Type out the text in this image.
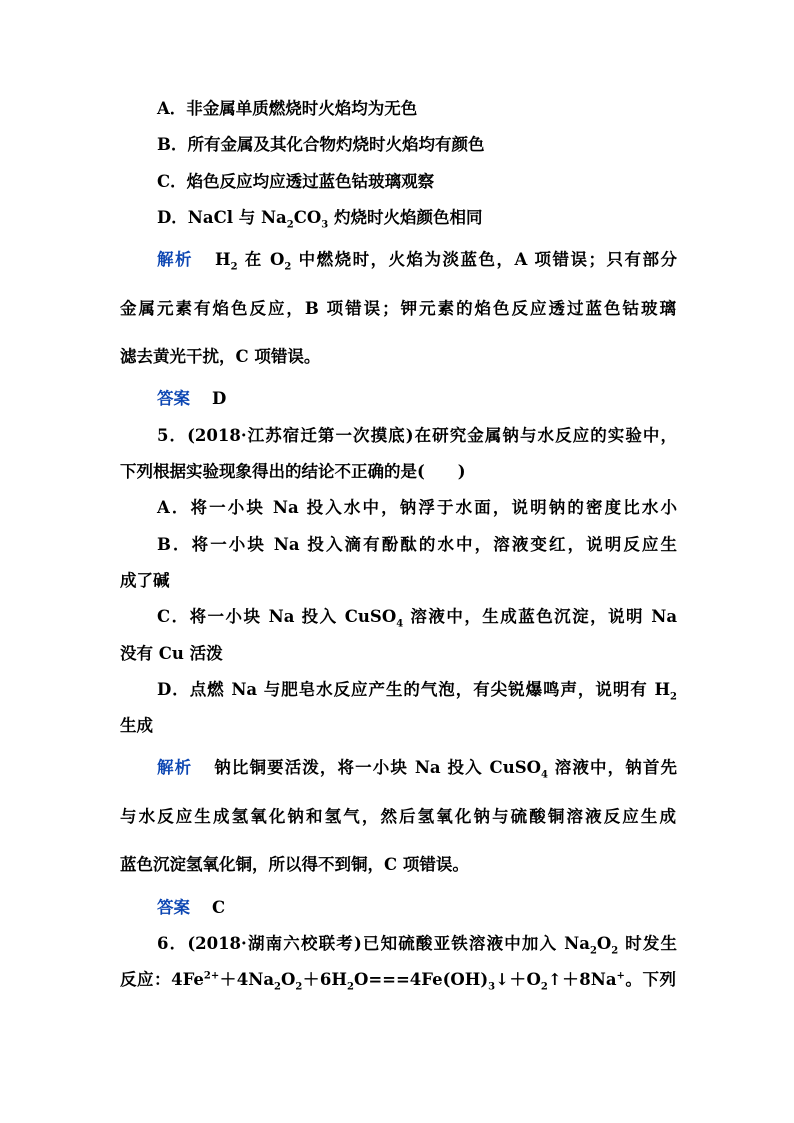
A．非金属单质燃烧时火焰均为无色
B．所有金属及其化合物灼烧时火焰均有颜色
C．焰色反应均应透过蓝色钴玻璃观察
D．NaCl 与 $Na_2CO_3$ 灼烧时火焰颜色相同
解析 $H_2$ 在 $O_2$ 中燃烧时，火焰为淡蓝色，A 项错误；只有部分
金属元素有焰色反应，B 项错误；钾元素的焰色反应透过蓝色钴玻璃
滤去黄光干扰，C 项错误。
答案 D
5．(2018·江苏宿迁第一次摸底)在研究金属钠与水反应的实验中，
下列根据实验现象得出的结论不正确的是(　　)
A．将一小块 Na 投入水中，钠浮于水面，说明钠的密度比水小
B．将一小块 Na 投入滴有酚酞的水中，溶液变红，说明反应生
成了碱
C．将一小块 Na 投入 CuSO$_4$ 溶液中，生成蓝色沉淀，说明 Na
没有 Cu 活泼
D．点燃 Na 与肥皂水反应产生的气泡，有尖锐爆鸣声，说明有 $H_2$
生成
解析 钠比铜要活泼，将一小块 Na 投入 CuSO$_4$ 溶液中，钠首先
与水反应生成氢氧化钠和氢气，然后氢氧化钠与硫酸铜溶液反应生成
蓝色沉淀氢氧化铜，所以得不到铜，C 项错误。
答案 C
6．(2018·湖南六校联考)已知硫酸亚铁溶液中加入 $Na_2O_2$ 时发生
反应：$4Fe^{2+}+4Na_2O_2+6H_2O===4Fe(OH)_3↓+O_2↑+8Na^+$。下列
